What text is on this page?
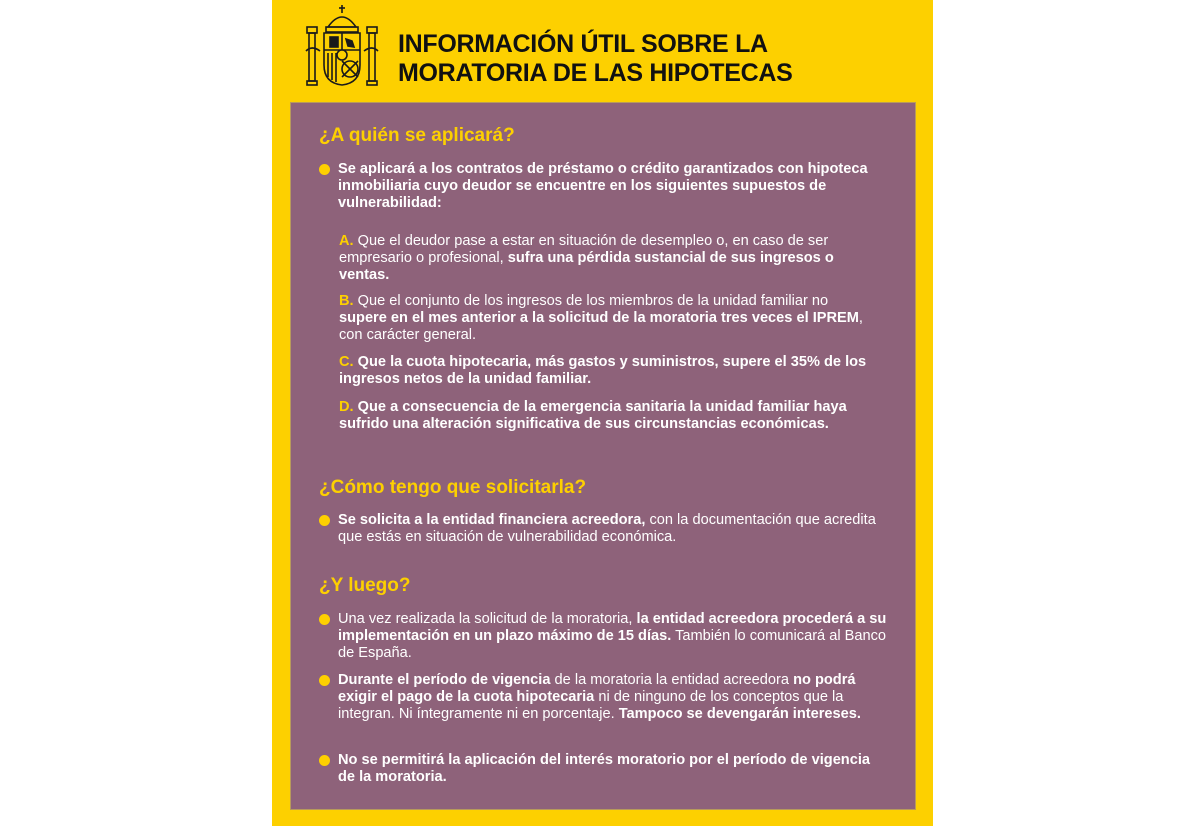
INFORMACIÓN ÚTIL SOBRE LA
MORATORIA DE LAS HIPOTECAS
¿A quién se aplicará?
Se aplicará a los contratos de préstamo o crédito garantizados con hipoteca inmobiliaria cuyo deudor se encuentre en los siguientes supuestos de vulnerabilidad:
A. Que el deudor pase a estar en situación de desempleo o, en caso de ser empresario o profesional, sufra una pérdida sustancial de sus ingresos o ventas.
B. Que el conjunto de los ingresos de los miembros de la unidad familiar no supere en el mes anterior a la solicitud de la moratoria tres veces el IPREM, con carácter general.
C. Que la cuota hipotecaria, más gastos y suministros, supere el 35% de los ingresos netos de la unidad familiar.
D. Que a consecuencia de la emergencia sanitaria la unidad familiar haya sufrido una alteración significativa de sus circunstancias económicas.
¿Cómo tengo que solicitarla?
Se solicita a la entidad financiera acreedora, con la documentación que acredita que estás en situación de vulnerabilidad económica.
¿Y luego?
Una vez realizada la solicitud de la moratoria, la entidad acreedora procederá a su implementación en un plazo máximo de 15 días. También lo comunicará al Banco de España.
Durante el período de vigencia de la moratoria la entidad acreedora no podrá exigir el pago de la cuota hipotecaria ni de ninguno de los conceptos que la integran. Ni íntegramente ni en porcentaje. Tampoco se devengarán intereses.
No se permitirá la aplicación del interés moratorio por el período de vigencia de la moratoria.
